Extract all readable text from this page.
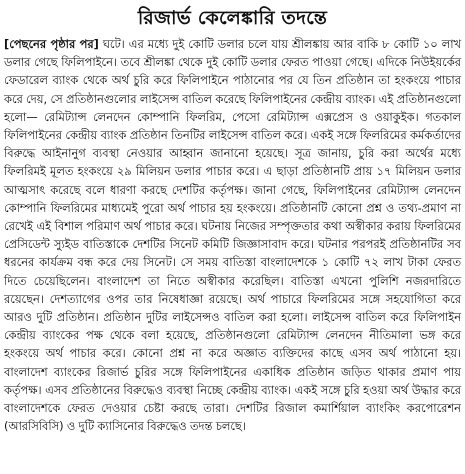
রিজার্ভ কেলেঙ্কারি তদন্তে

[পেছনের পৃষ্ঠার পর] ঘটে। এর মধ্যে দুই কোটি ডলার চলে যায় শ্রীলঙ্কায় আর বাকি ৮ কোটি ১০ লাখ ডলার গেছে ফিলিপাইনে। তবে শ্রীলঙ্কা থেকে দুই কোটি ডলার ফেরত পাওয়া গেছে। এদিকে নিউইয়র্কের ফেডারেল ব্যাংক থেকে অর্থ চুরি করে ফিলিপাইনে পাঠানোর পর যে তিন প্রতিষ্ঠান তা হংকংয়ে পাচার করে দেয়, সে প্রতিষ্ঠানগুলোর লাইসেন্স বাতিল করেছে ফিলিপাইনের কেন্দ্রীয় ব্যাংক। এই প্রতিষ্ঠানগুলো হলো— রেমিট্যান্স লেনদেন কোম্পানি ফিলরিম, পেসো রেমিট্যান্স এক্সপ্রেস ও ওয়াকুইক। গতকাল ফিলিপাইনের কেন্দ্রীয় ব্যাংক প্রতিষ্ঠান তিনটির লাইসেন্স বাতিল করে। একই সঙ্গে ফিলরিমের কর্মকর্তাদের বিরুদ্ধে আইনানুগ ব্যবস্থা নেওয়ার আহ্বান জানানো হয়েছে। সূত্র জানায়, চুরি করা অর্থের মধ্যে ফিলরিমই মূলত হংকংয়ে ২৯ মিলিয়ন ডলার পাচার করে। এ ছাড়া প্রতিষ্ঠানটি প্রায় ১৭ মিলিয়ন ডলার আত্মসাৎ করেছে বলে ধারণা করছে দেশটির কর্তৃপক্ষ। জানা গেছে, ফিলিপাইনের রেমিট্যান্স লেনদেন কোম্পানি ফিলরিমের মাধ্যমেই পুরো অর্থ পাচার হয় হংকংয়ে। প্রতিষ্ঠানটি কোনো প্রশ্ন ও তথ্য-প্রমাণ না রেখেই এই বিশাল পরিমাণ অর্থ পাচার করে। ঘটনায় নিজের সম্পৃক্ততার কথা অস্বীকার করায় ফিলরিমের প্রেসিডেন্ট স্যুইড বাতিস্তাকে দেশটির সিনেট কমিটি জিজ্ঞাসাবাদ করে। ঘটনার পরপরই প্রতিষ্ঠানটির সব ধরনের কার্যক্রম বন্ধ করে দেয় সিনেট। সে সময় বাতিস্তা বাংলাদেশকে ১ কোটি ৭২ লাখ টাকা ফেরত দিতে চেয়েছিলেন। বাংলাদেশ তা নিতে অস্বীকার করেছিল। বাতিস্তা এখনো পুলিশি নজরদারিতে রয়েছেন। দেশত্যাগের ওপর তার নিষেধাজ্ঞা রয়েছে। অর্থ পাচারে ফিলরিমের সঙ্গে সহযোগিতা করে আরও দুটি প্রতিষ্ঠান। প্রতিষ্ঠান দুটির লাইসেন্সও বাতিল করা হলো। লাইসেন্স বাতিল করে ফিলিপাইন কেন্দ্রীয় ব্যাংকের পক্ষ থেকে বলা হয়েছে, প্রতিষ্ঠানগুলো রেমিট্যান্স লেনদেন নীতিমালা ভঙ্গ করে হংকংয়ে অর্থ পাচার করে। কোনো প্রশ্ন না করে অজ্ঞাত ব্যক্তিদের কাছে এসব অর্থ পাঠানো হয়। বাংলাদেশ ব্যাংকের রিজার্ভ চুরির সঙ্গে ফিলিপাইনের একাধিক প্রতিষ্ঠান জড়িত থাকার প্রমাণ পায় কর্তৃপক্ষ। এসব প্রতিষ্ঠানের বিরুদ্ধেও ব্যবস্থা নিচ্ছে কেন্দ্রীয় ব্যাংক। একই সঙ্গে চুরি হওয়া অর্থ উদ্ধার করে বাংলাদেশকে ফেরত দেওয়ার চেষ্টা করছে তারা। দেশটির রিজাল কমার্শিয়াল ব্যাংকিং করপোরেশন (আরসিবিসি) ও দুটি ক্যাসিনোর বিরুদ্ধেও তদন্ত চলছে।
